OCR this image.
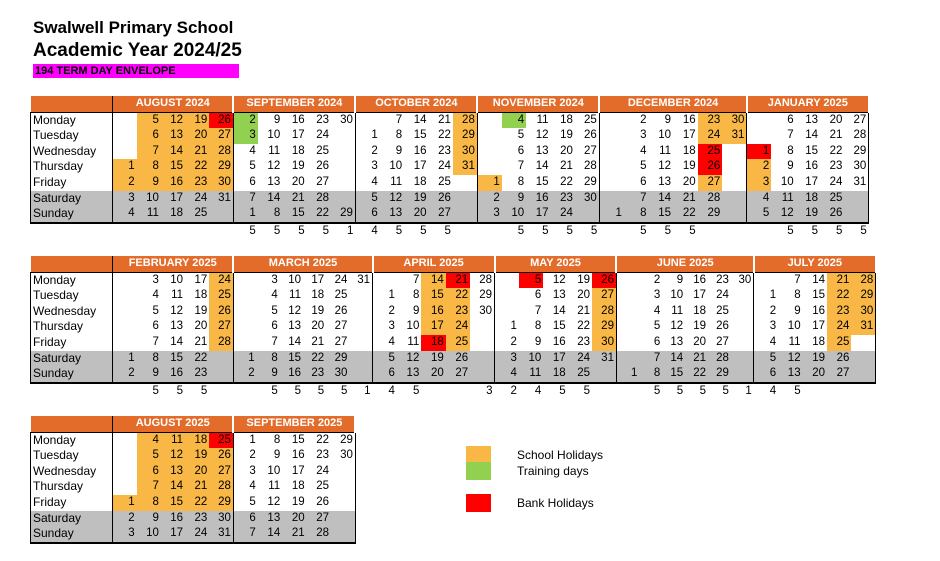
Swalwell Primary School
Academic Year 2024/25
194 TERM DAY ENVELOPE
	AUGUST 2024					SEPTEMBER 2024					OCTOBER 2024					NOVEMBER 2024					DECEMBER 2024						JANUARY 2025				
Monday		5	12	19	26	2	9	16	23	30		7	14	21	28		4	11	18	25		2	9	16	23	30		6	13	20	27
Tuesday		6	13	20	27	3	10	17	24		1	8	15	22	29		5	12	19	26		3	10	17	24	31		7	14	21	28
Wednesday		7	14	21	28	4	11	18	25		2	9	16	23	30		6	13	20	27		4	11	18	25		1	8	15	22	29
Thursday	1	8	15	22	29	5	12	19	26		3	10	17	24	31		7	14	21	28		5	12	19	26		2	9	16	23	30
Friday	2	9	16	23	30	6	13	20	27		4	11	18	25		1	8	15	22	29		6	13	20	27		3	10	17	24	31
Saturday	3	10	17	24	31	7	14	21	28		5	12	19	26		2	9	16	23	30		7	14	21	28		4	11	18	25	
Sunday	4	11	18	25		1	8	15	22	29	6	13	20	27		3	10	17	24		1	8	15	22	29		5	12	19	26	
						5	5	5	5	1	4	5	5	5			5	5	5	5		5	5	5				5	5	5	5
	FEBRUARY 2025					MARCH 2025						APRIL 2025					MAY 2025					JUNE 2025						JULY 2025				
Monday		3	10	17	24		3	10	17	24	31		7	14	21	28		5	12	19	26		2	9	16	23	30		7	14	21	28
Tuesday		4	11	18	25		4	11	18	25		1	8	15	22	29		6	13	20	27		3	10	17	24		1	8	15	22	29
Wednesday		5	12	19	26		5	12	19	26		2	9	16	23	30		7	14	21	28		4	11	18	25		2	9	16	23	30
Thursday		6	13	20	27		6	13	20	27		3	10	17	24		1	8	15	22	29		5	12	19	26		3	10	17	24	31
Friday		7	14	21	28		7	14	21	27		4	11	18	25		2	9	16	23	30		6	13	20	27		4	11	18	25	
Saturday	1	8	15	22		1	8	15	22	29		5	12	19	26		3	10	17	24	31		7	14	21	28		5	12	19	26	
Sunday	2	9	16	23		2	9	16	23	30		6	13	20	27		4	11	18	25		1	8	15	22	29		6	13	20	27	
		5	5	5			5	5	5	5	1	4	5			3	2	4	5	5			5	5	5	5	1	4	5			
	AUGUST 2025					SEPTEMBER 2025				
Monday		4	11	18	25	1	8	15	22	29
Tuesday		5	12	19	26	2	9	16	23	30
Wednesday		6	13	20	27	3	10	17	24	
Thursday		7	14	21	28	4	11	18	25	
Friday	1	8	15	22	29	5	12	19	26	
Saturday	2	9	16	23	30	6	13	20	27	
Sunday	3	10	17	24	31	7	14	21	28	
School Holidays
Training days
Bank Holidays
